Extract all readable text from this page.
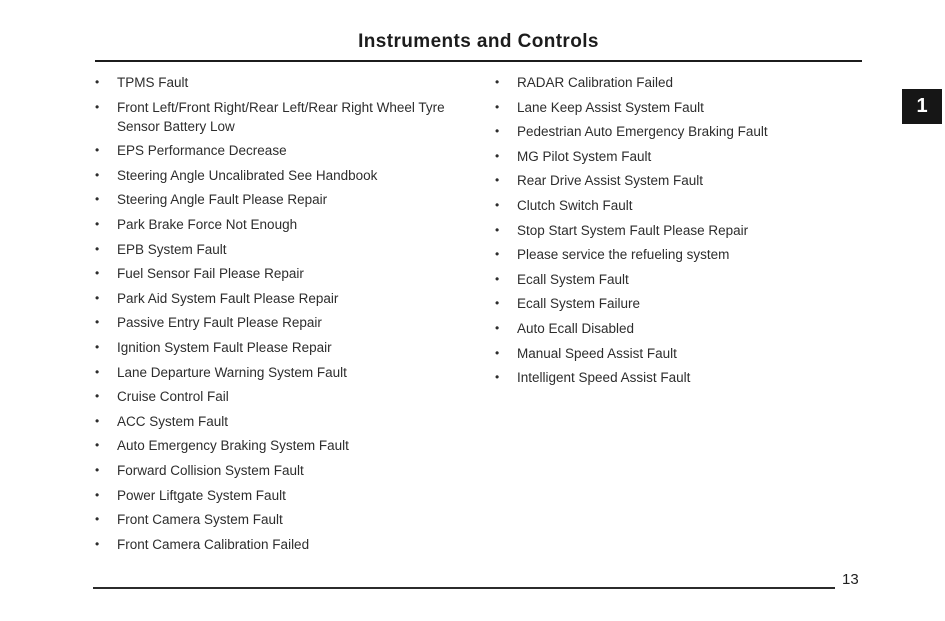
Instruments and Controls
1
•	TPMS Fault
•	Front Left/Front Right/Rear Left/Rear Right Wheel Tyre Sensor Battery Low
•	EPS Performance Decrease
•	Steering Angle Uncalibrated See Handbook
•	Steering Angle Fault Please Repair
•	Park Brake Force Not Enough
•	EPB System Fault
•	Fuel Sensor Fail Please Repair
•	Park Aid System Fault Please Repair
•	Passive Entry Fault Please Repair
•	Ignition System Fault Please Repair
•	Lane Departure Warning System Fault
•	Cruise Control Fail
•	ACC System Fault
•	Auto Emergency Braking System Fault
•	Forward Collision System Fault
•	Power Liftgate System Fault
•	Front Camera System Fault
•	Front Camera Calibration Failed
•	RADAR Calibration Failed
•	Lane Keep Assist System Fault
•	Pedestrian Auto Emergency Braking Fault
•	MG Pilot System Fault
•	Rear Drive Assist System Fault
•	Clutch Switch Fault
•	Stop Start System Fault Please Repair
•	Please service the refueling system
•	Ecall System Fault
•	Ecall System Failure
•	Auto Ecall Disabled
•	Manual Speed Assist Fault
•	Intelligent Speed Assist Fault
13
